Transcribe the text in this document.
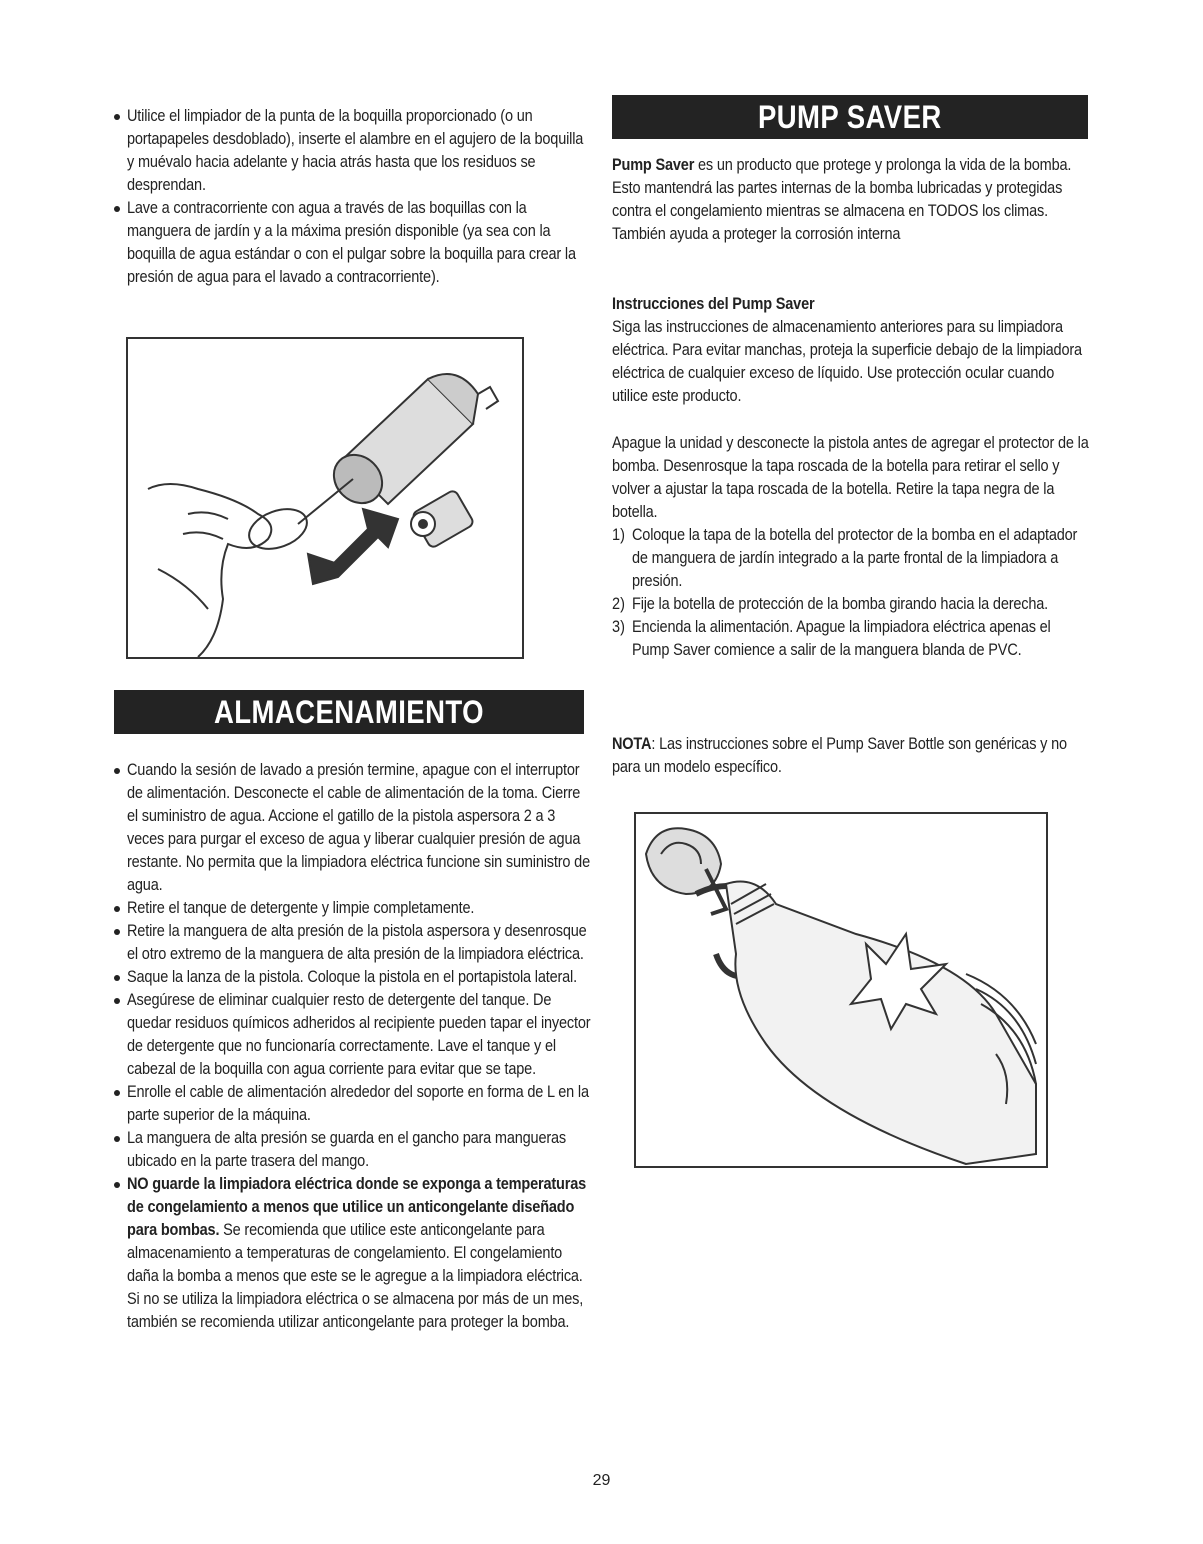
Utilice el limpiador de la punta de la boquilla proporcionado (o un portapapeles desdoblado), inserte el alambre en el agujero de la boquilla y muévalo hacia adelante y hacia atrás hasta que los residuos se desprendan.
Lave a contracorriente con agua a través de las boquillas con la manguera de jardín y a la máxima presión disponible (ya sea con la boquilla de agua estándar o con el pulgar sobre la boquilla para crear la presión de agua para el lavado a contracorriente).
ALMACENAMIENTO
Cuando la sesión de lavado a presión termine, apague con el interruptor de alimentación. Desconecte el cable de alimentación de la toma. Cierre el suministro de agua. Accione el gatillo de la pistola aspersora 2 a 3 veces para purgar el exceso de agua y liberar cualquier presión de agua restante. No permita que la limpiadora eléctrica funcione sin suministro de agua.
Retire el tanque de detergente y limpie completamente.
Retire la manguera de alta presión de la pistola aspersora y desenrosque el otro extremo de la manguera de alta presión de la limpiadora eléctrica.
Saque la lanza de la pistola. Coloque la pistola en el portapistola lateral.
Asegúrese de eliminar cualquier resto de detergente del tanque. De quedar residuos químicos adheridos al recipiente pueden tapar el inyector de detergente que no funcionaría correctamente. Lave el tanque y el cabezal de la boquilla con agua corriente para evitar que se tape.
Enrolle el cable de alimentación alrededor del soporte en forma de L en la parte superior de la máquina.
La manguera de alta presión se guarda en el gancho para mangueras ubicado en la parte trasera del mango.
NO guarde la limpiadora eléctrica donde se exponga a temperaturas de congelamiento a menos que utilice un anticongelante diseñado para bombas. Se recomienda que utilice este anticongelante para almacenamiento a temperaturas de congelamiento. El congelamiento daña la bomba a menos que este se le agregue a la limpiadora eléctrica. Si no se utiliza la limpiadora eléctrica o se almacena por más de un mes, también se recomienda utilizar anticongelante para proteger la bomba.
PUMP SAVER
Pump Saver es un producto que protege y prolonga la vida de la bomba. Esto mantendrá las partes internas de la bomba lubricadas y protegidas contra el congelamiento mientras se almacena en TODOS los climas. También ayuda a proteger la corrosión interna
Instrucciones del Pump Saver
Siga las instrucciones de almacenamiento anteriores para su limpiadora eléctrica. Para evitar manchas, proteja la superficie debajo de la limpiadora eléctrica de cualquier exceso de líquido. Use protección ocular cuando utilice este producto.
Apague la unidad y desconecte la pistola antes de agregar el protector de la bomba. Desenrosque la tapa roscada de la botella para retirar el sello y volver a ajustar la tapa roscada de la botella. Retire la tapa negra de la botella.
1) Coloque la tapa de la botella del protector de la bomba en el adaptador de manguera de jardín integrado a la parte frontal de la limpiadora a presión.
2) Fije la botella de protección de la bomba girando hacia la derecha.
3) Encienda la alimentación. Apague la limpiadora eléctrica apenas el Pump Saver comience a salir de la manguera blanda de PVC.
NOTA: Las instrucciones sobre el Pump Saver Bottle son genéricas y no para un modelo específico.
29
